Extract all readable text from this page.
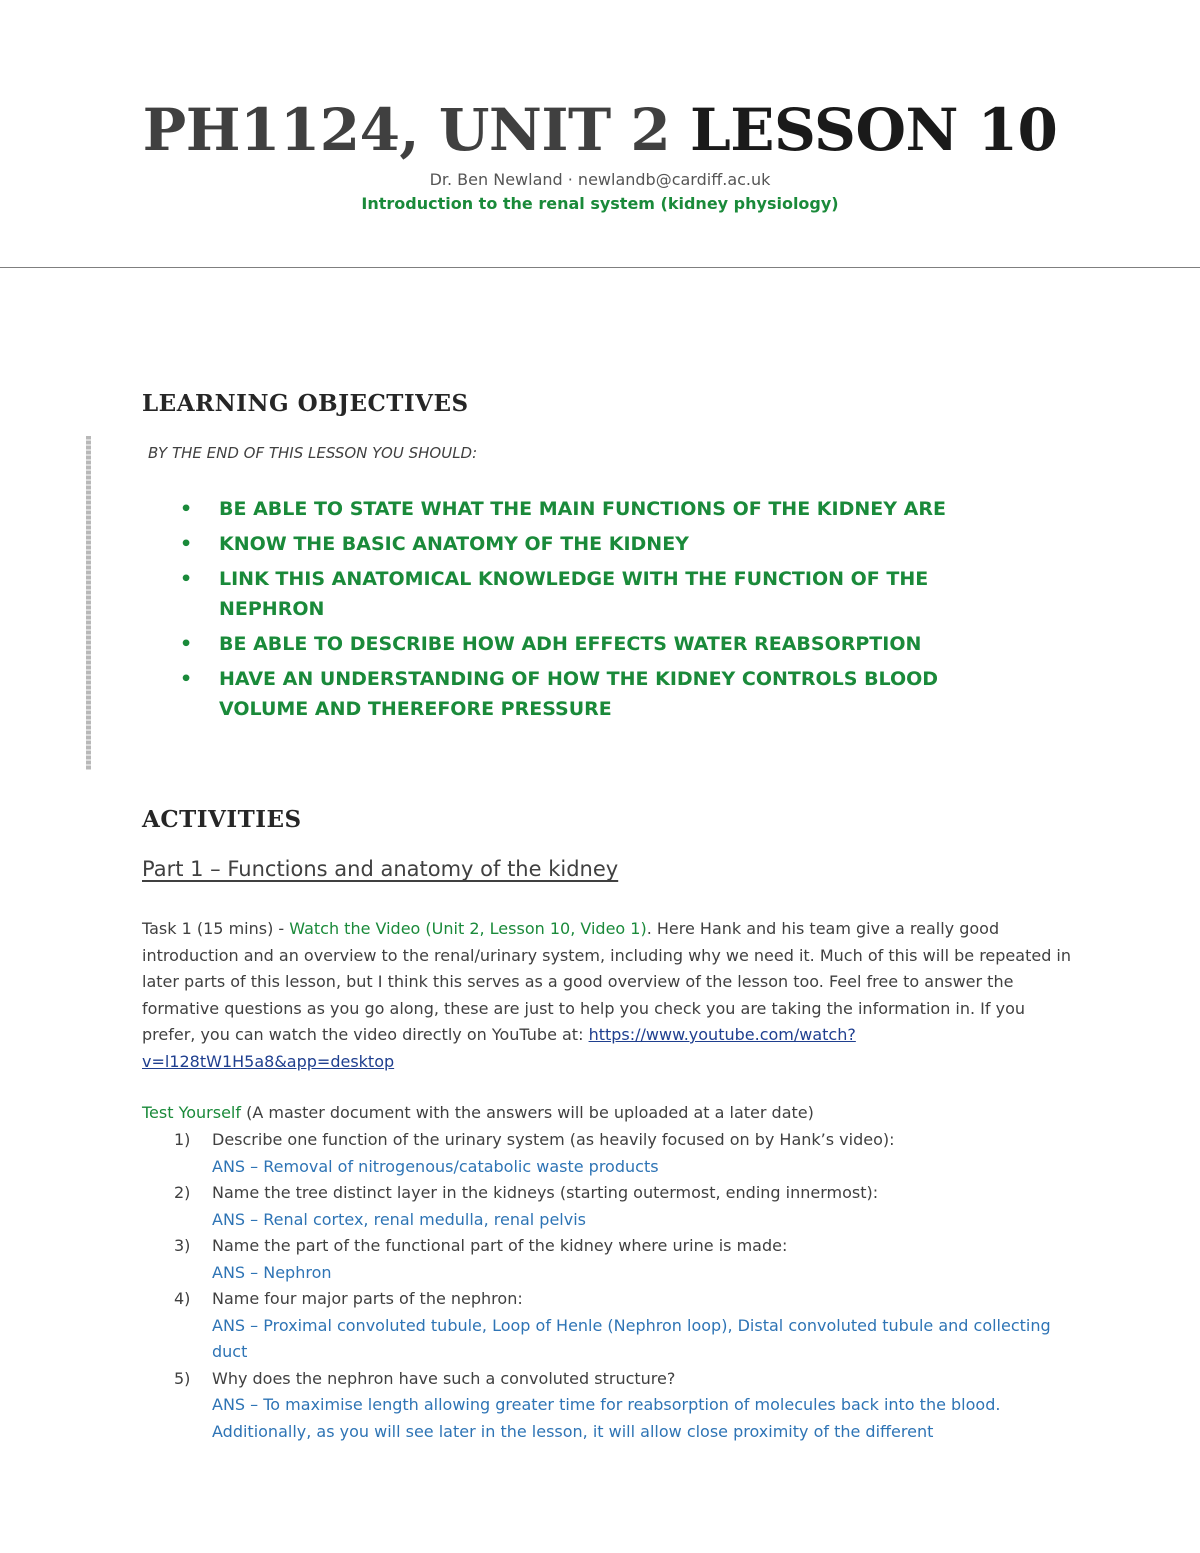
PH1124, UNIT 2 LESSON 10
Dr. Ben Newland · newlandb@cardiff.ac.uk
Introduction to the renal system (kidney physiology)
LEARNING OBJECTIVES
BY THE END OF THIS LESSON YOU SHOULD:
•	BE ABLE TO STATE WHAT THE MAIN FUNCTIONS OF THE KIDNEY ARE
•	KNOW THE BASIC ANATOMY OF THE KIDNEY
•	LINK THIS ANATOMICAL KNOWLEDGE WITH THE FUNCTION OF THE NEPHRON
•	BE ABLE TO DESCRIBE HOW ADH EFFECTS WATER REABSORPTION
•	HAVE AN UNDERSTANDING OF HOW THE KIDNEY CONTROLS BLOOD VOLUME AND THEREFORE PRESSURE
ACTIVITIES
Part 1 – Functions and anatomy of the kidney
Task 1 (15 mins) - Watch the Video (Unit 2, Lesson 10, Video 1). Here Hank and his team give a really good introduction and an overview to the renal/urinary system, including why we need it. Much of this will be repeated in later parts of this lesson, but I think this serves as a good overview of the lesson too. Feel free to answer the formative questions as you go along, these are just to help you check you are taking the information in. If you prefer, you can watch the video directly on YouTube at: https://www.youtube.com/watch?v=l128tW1H5a8&app=desktop
Test Yourself (A master document with the answers will be uploaded at a later date)
1) Describe one function of the urinary system (as heavily focused on by Hank’s video):
ANS – Removal of nitrogenous/catabolic waste products
2) Name the tree distinct layer in the kidneys (starting outermost, ending innermost):
ANS – Renal cortex, renal medulla, renal pelvis
3) Name the part of the functional part of the kidney where urine is made:
ANS – Nephron
4) Name four major parts of the nephron:
ANS – Proximal convoluted tubule, Loop of Henle (Nephron loop), Distal convoluted tubule and collecting duct
5) Why does the nephron have such a convoluted structure?
ANS – To maximise length allowing greater time for reabsorption of molecules back into the blood. Additionally, as you will see later in the lesson, it will allow close proximity of the different
